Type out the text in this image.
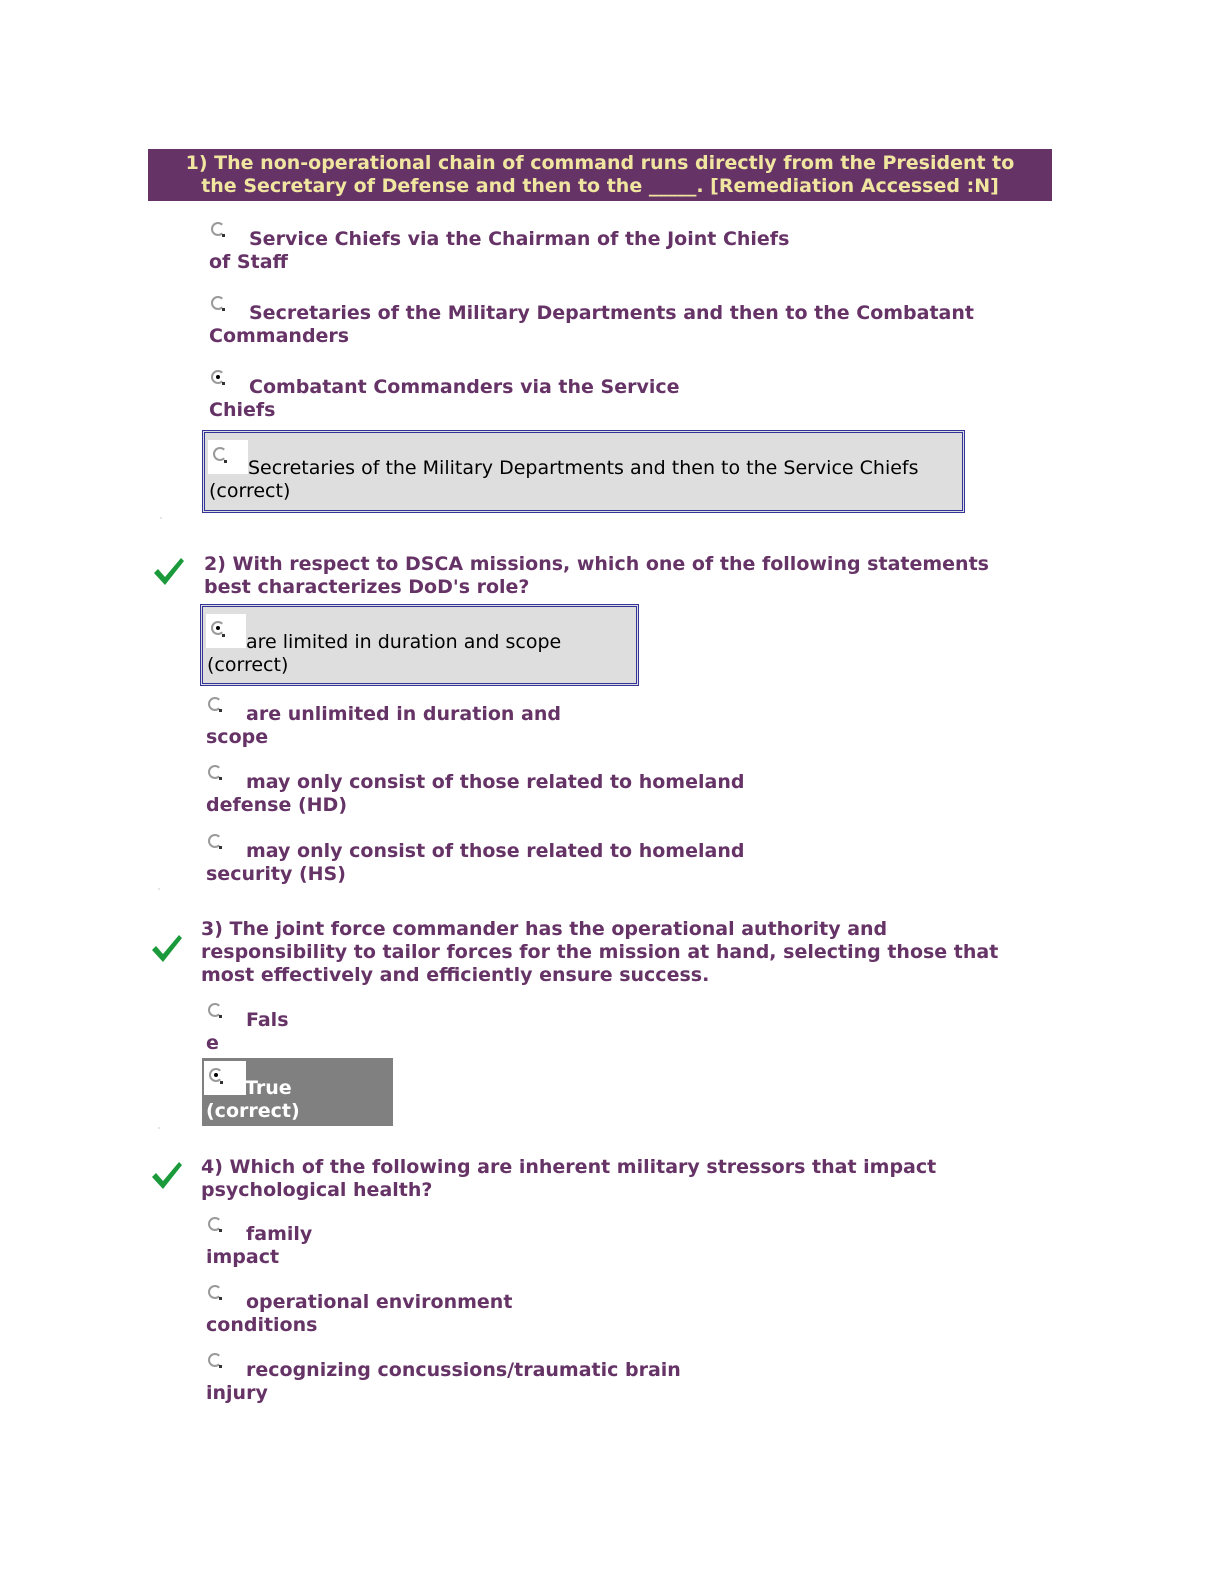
1) The non-operational chain of command runs directly from the President to
the Secretary of Defense and then to the _____. [Remediation Accessed :N]
Service Chiefs via the Chairman of the Joint Chiefs
of Staff
Secretaries of the Military Departments and then to the Combatant
Commanders
Combatant Commanders via the Service
Chiefs
Secretaries of the Military Departments and then to the Service Chiefs
(correct)
2) With respect to DSCA missions, which one of the following statements
best characterizes DoD's role?
are limited in duration and scope
(correct)
are unlimited in duration and
scope
may only consist of those related to homeland
defense (HD)
may only consist of those related to homeland
security (HS)
3) The joint force commander has the operational authority and
responsibility to tailor forces for the mission at hand, selecting those that
most effectively and efficiently ensure success.
Fals
e
True
(correct)
4) Which of the following are inherent military stressors that impact
psychological health?
family
impact
operational environment
conditions
recognizing concussions/traumatic brain
injury
